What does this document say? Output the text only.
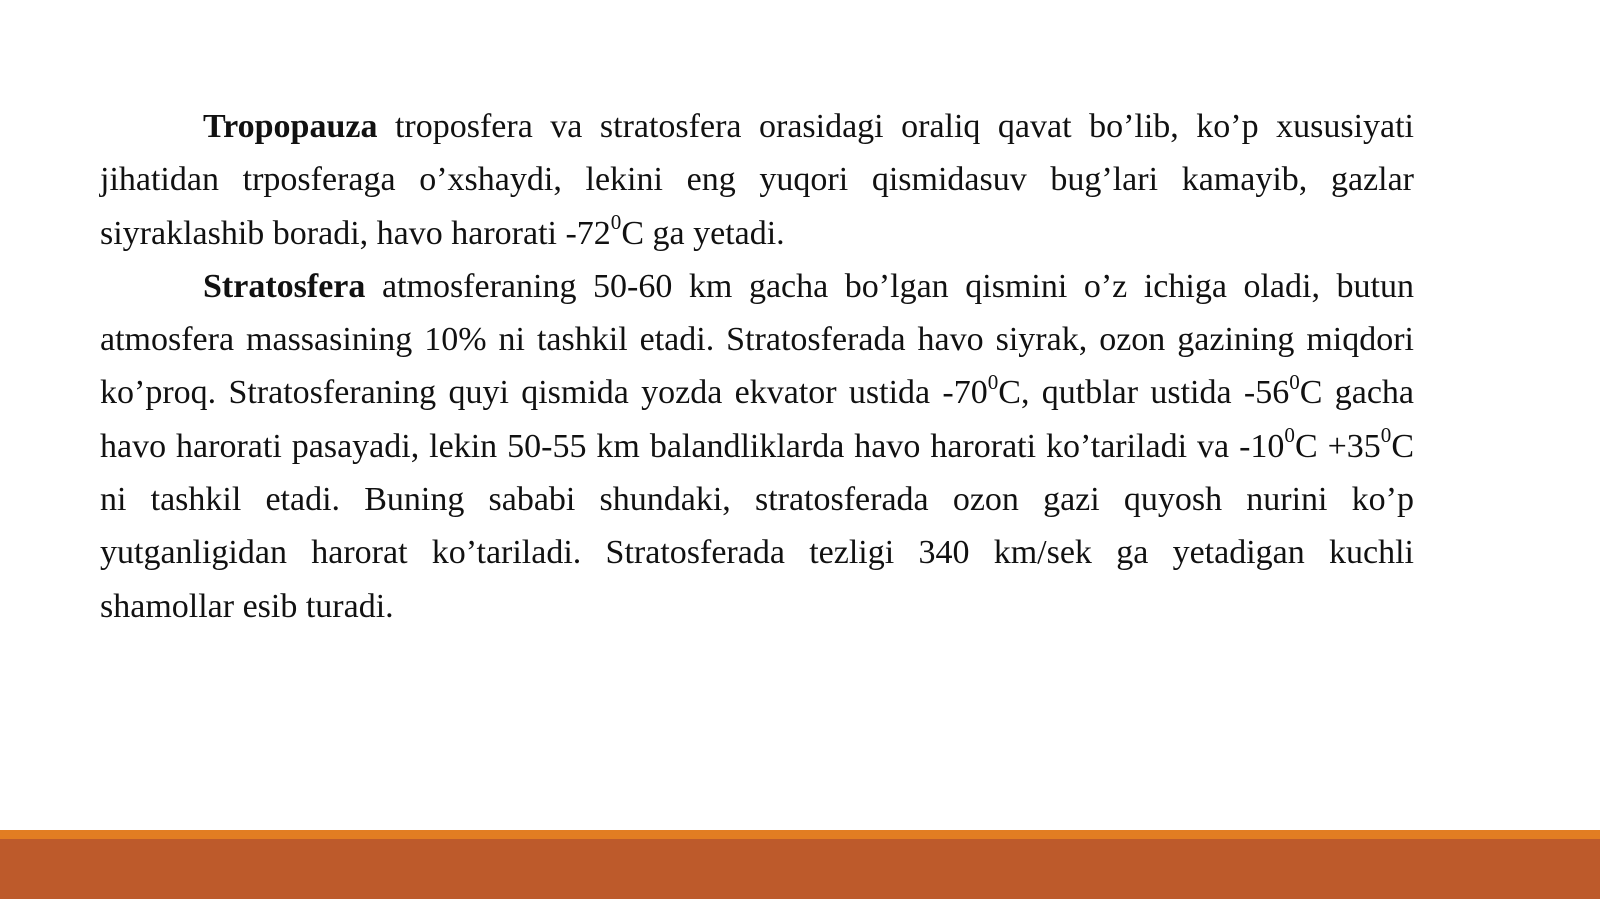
Tropopauza troposfera va stratosfera orasidagi oraliq qavat bo’lib, ko’p xususiyati jihatidan trposferaga o’xshaydi, lekini eng yuqori qismidasuv bug’lari kamayib, gazlar siyraklashib boradi, havo harorati $-72^0C$ ga yetadi.

Stratosfera atmosferaning 50-60 km gacha bo’lgan qismini o’z ichiga oladi, butun atmosfera massasining 10% ni tashkil etadi. Stratosferada havo siyrak, ozon gazining miqdori ko’proq. Stratosferaning quyi qismida yozda ekvator ustida $-70^0C$, qutblar ustida $-56^0C$ gacha havo harorati pasayadi, lekin 50-55 km balandliklarda havo harorati ko’tariladi va $-10^0C +35^0C$ ni tashkil etadi. Buning sababi shundaki, stratosferada ozon gazi quyosh nurini ko’p yutganligidan harorat ko’tariladi. Stratosferada tezligi 340 km/sek ga yetadigan kuchli shamollar esib turadi.
